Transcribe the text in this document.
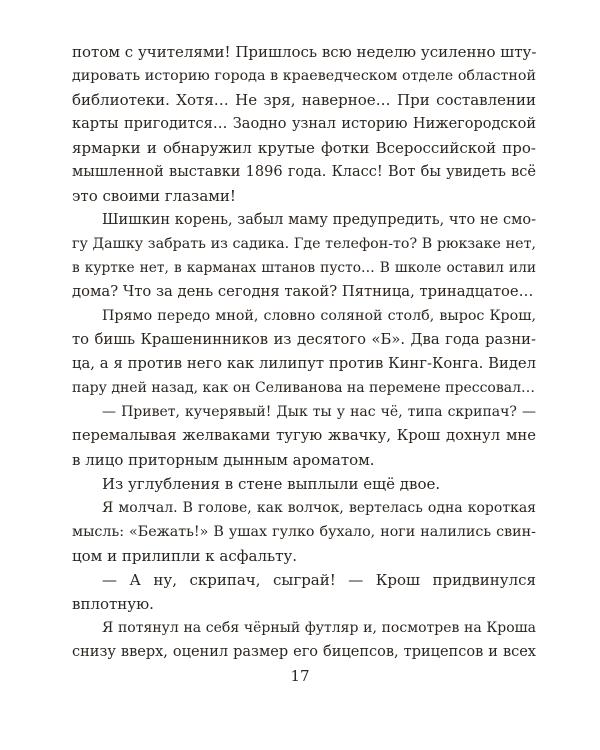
потом с учителями! Пришлось всю неделю усиленно шту-
дировать историю города в краеведческом отделе областной
библиотеки. Хотя… Не зря, наверное… При составлении
карты пригодится… Заодно узнал историю Нижегородской
ярмарки и обнаружил крутые фотки Всероссийской про-
мышленной выставки 1896 года. Класс! Вот бы увидеть всё
это своими глазами!
Шишкин корень, забыл маму предупредить, что не смо-
гу Дашку забрать из садика. Где телефон-то? В рюкзаке нет,
в куртке нет, в карманах штанов пусто… В школе оставил или
дома? Что за день сегодня такой? Пятница, тринадцатое…
Прямо передо мной, словно соляной столб, вырос Крош,
то бишь Крашенинников из десятого «Б». Два года разни-
ца, а я против него как лилипут против Кинг-Конга. Видел
пару дней назад, как он Селиванова на перемене прессовал…
— Привет, кучерявый! Дык ты у нас чё, типа скрипач? —
перемалывая желваками тугую жвачку, Крош дохнул мне
в лицо приторным дынным ароматом.
Из углубления в стене выплыли ещё двое.
Я молчал. В голове, как волчок, вертелась одна короткая
мысль: «Бежать!» В ушах гулко бухало, ноги налились свин-
цом и прилипли к асфальту.
— А ну, скрипач, сыграй! — Крош придвинулся
вплотную.
Я потянул на себя чёрный футляр и, посмотрев на Кроша
снизу вверх, оценил размер его бицепсов, трицепсов и всех
17
